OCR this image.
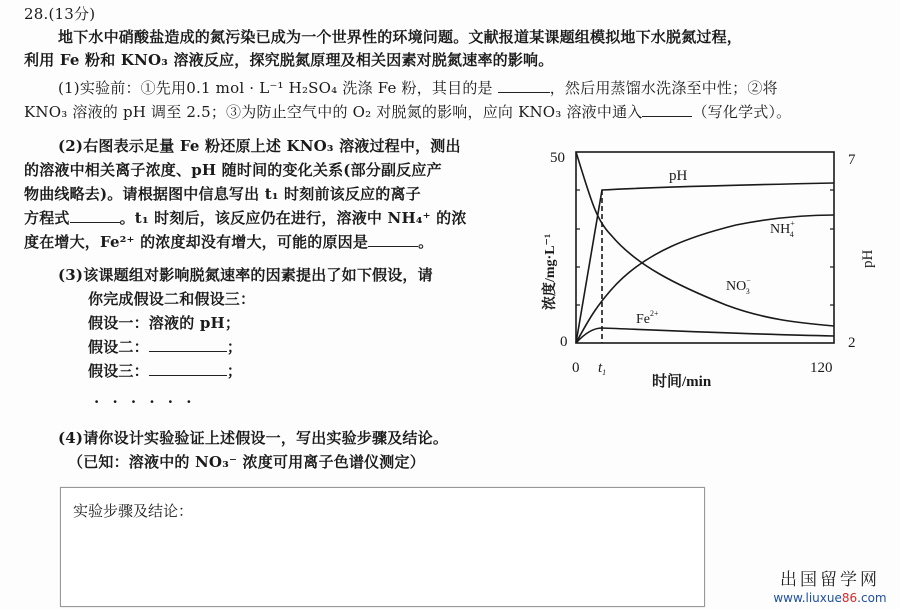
28.(13分)
地下水中硝酸盐造成的氮污染已成为一个世界性的环境问题。文献报道某课题组模拟地下水脱氮过程，
利用 Fe 粉和 KNO₃ 溶液反应，探究脱氮原理及相关因素对脱氮速率的影响。
(1)实验前：①先用0.1 mol · L⁻¹ H₂SO₄ 洗涤 Fe 粉，其目的是	，然后用蒸馏水洗涤至中性；②将
KNO₃ 溶液的 pH 调至 2.5；③为防止空气中的 O₂ 对脱氮的影响，应向 KNO₃ 溶液中通入	（写化学式）。
(2)右图表示足量 Fe 粉还原上述 KNO₃ 溶液过程中，测出
的溶液中相关离子浓度、pH 随时间的变化关系(部分副反应产
物曲线略去)。请根据图中信息写出 t₁ 时刻前该反应的离子
方程式	。t₁ 时刻后，该反应仍在进行，溶液中 NH₄⁺ 的浓
度在增大，Fe²⁺ 的浓度却没有增大，可能的原因是	。
(3)该课题组对影响脱氮速率的因素提出了如下假设，请
你完成假设二和假设三：
假设一：溶液的 pH；
假设二：	；
假设三：	；
· · · · · ·
(4)请你设计实验验证上述假设一，写出实验步骤及结论。
（已知：溶液中的 NO₃⁻ 浓度可用离子色谱仪测定）
实验步骤及结论：
pH
NH+ 4
NO− 3
$Fe^{2+}$
50
0
7
2
0 $t_1$	120
时间/min
浓度/mg·L⁻¹	pH
出国留学网
www.liuxue86.com
